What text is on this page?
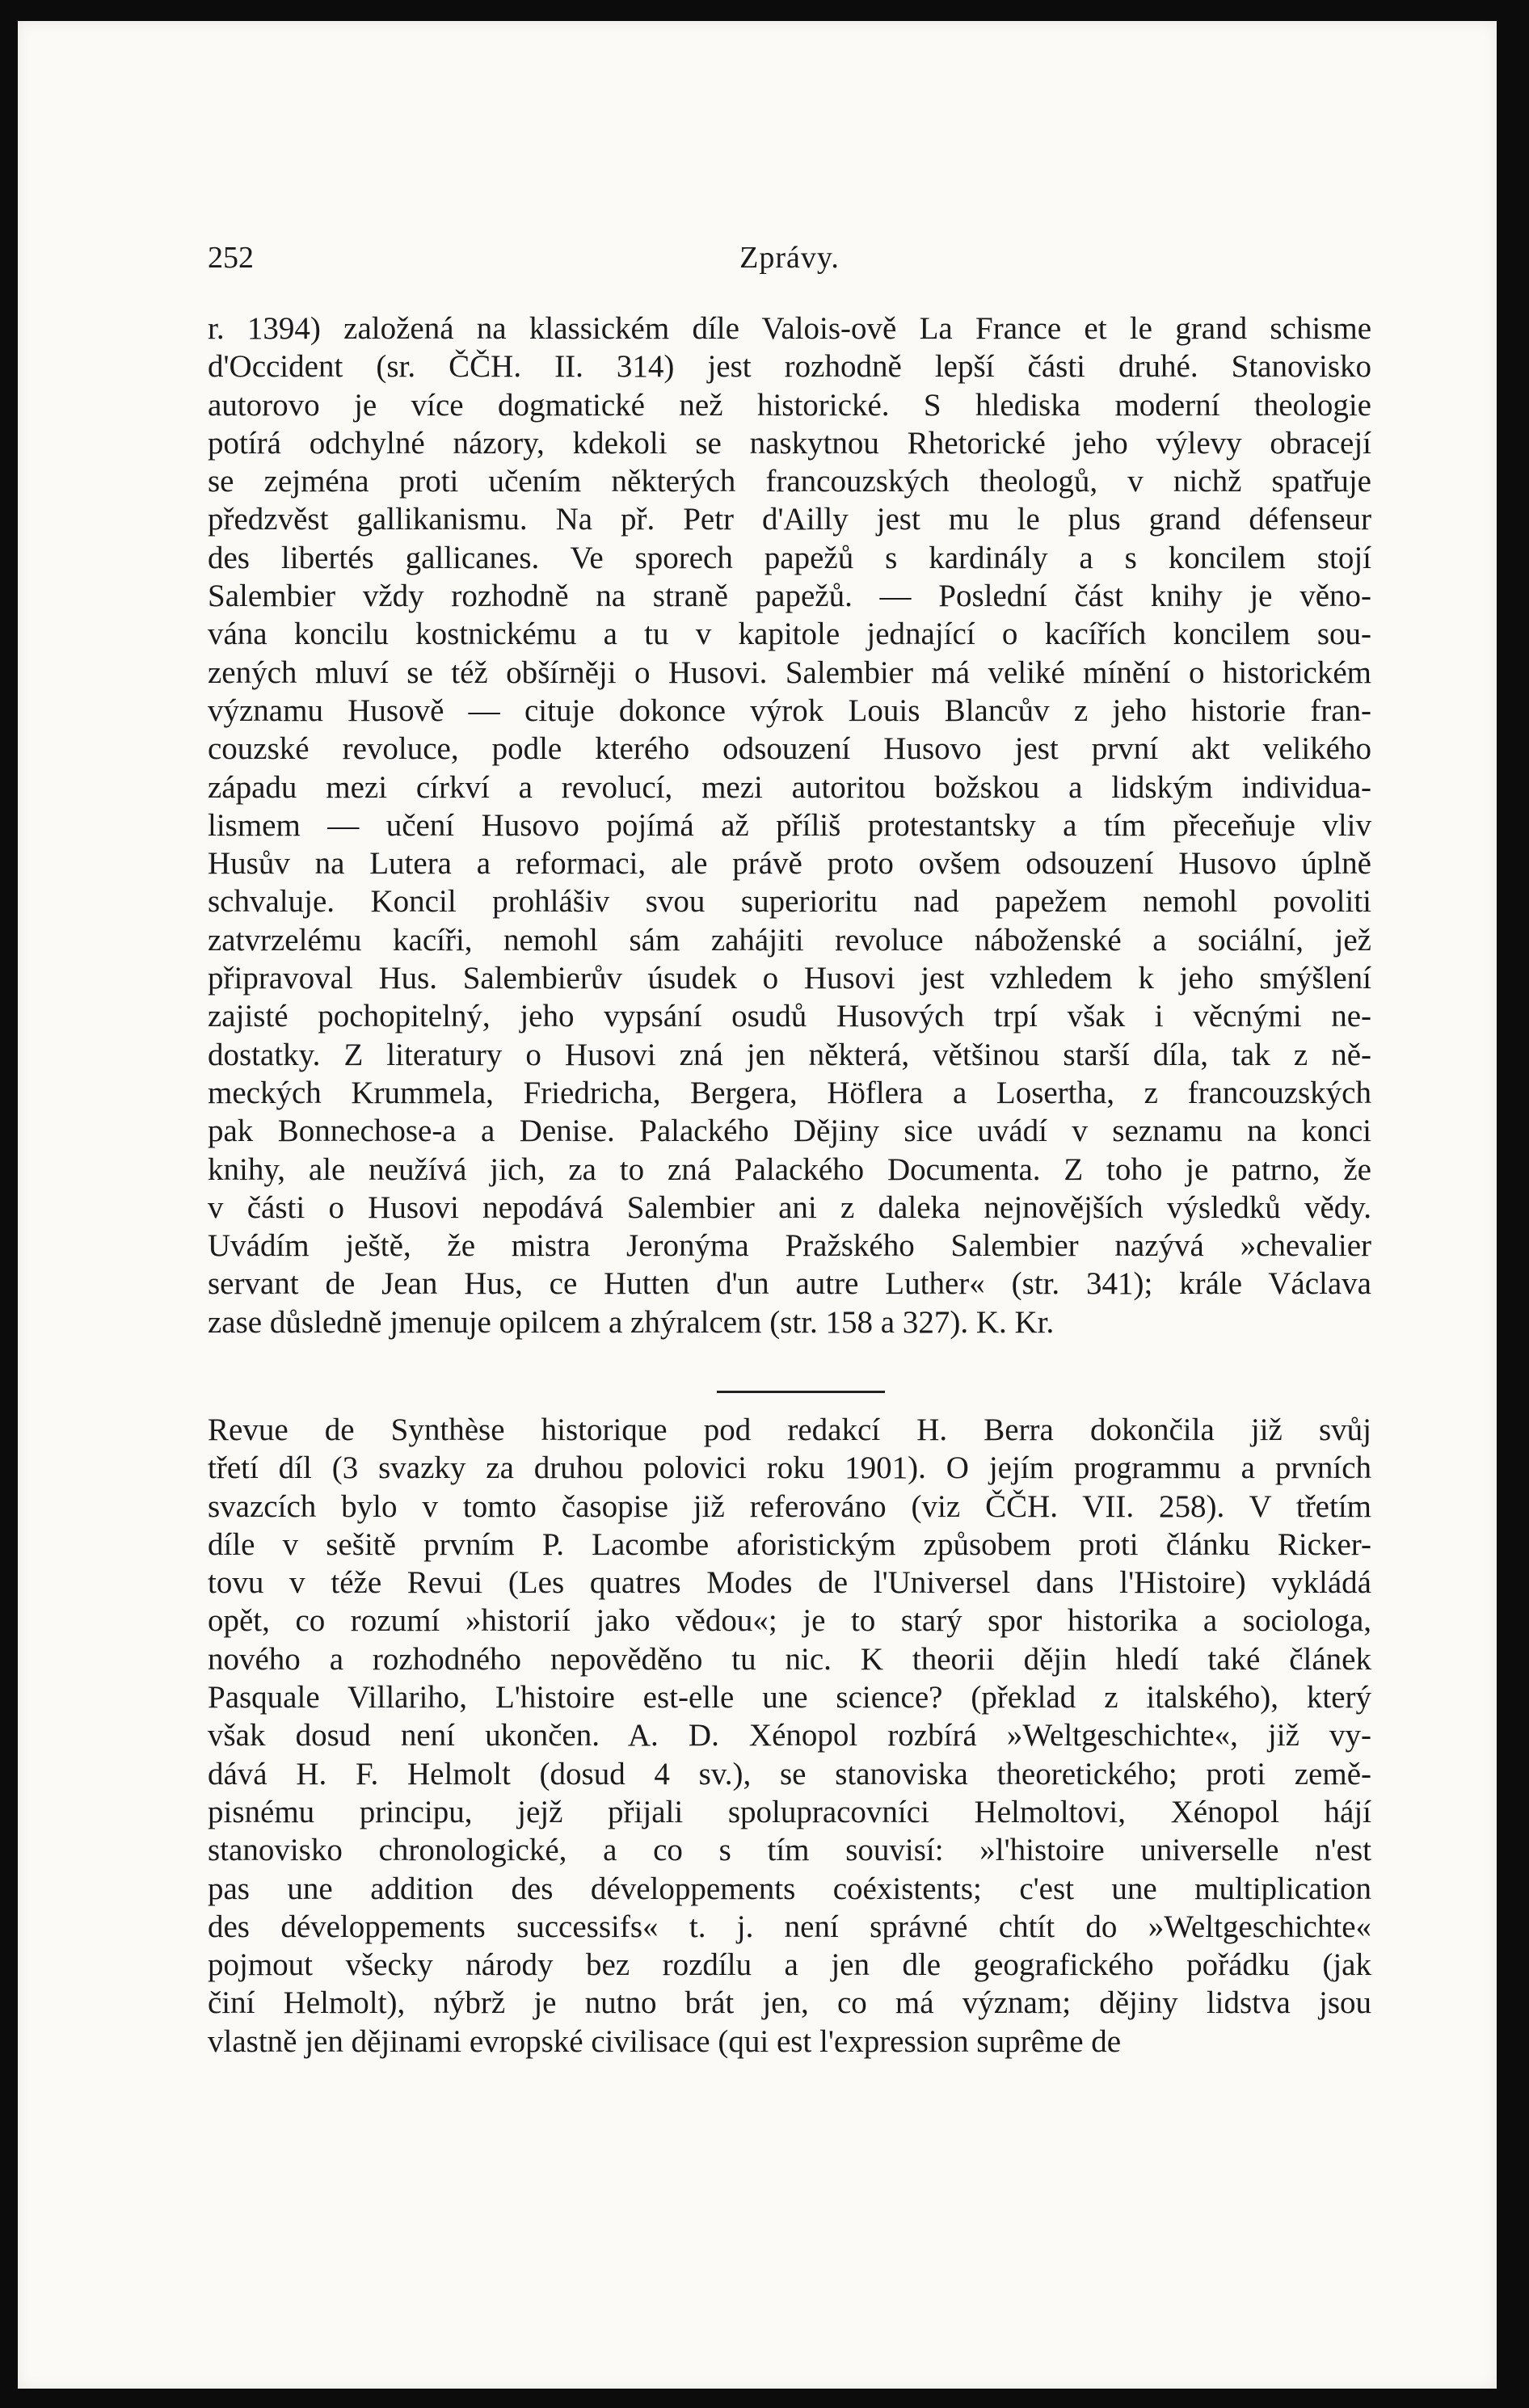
252	Zprávy.
r. 1394) založená na klassickém díle Valois-ově La France et le grand schisme
d'Occident (sr. ČČH. II. 314) jest rozhodně lepší části druhé. Stanovisko
autorovo je více dogmatické než historické. S hlediska moderní theologie
potírá odchylné názory, kdekoli se naskytnou Rhetorické jeho výlevy obracejí
se zejména proti učením některých francouzských theologů, v nichž spatřuje
předzvěst gallikanismu. Na př. Petr d'Ailly jest mu le plus grand défenseur
des libertés gallicanes. Ve sporech papežů s kardinály a s koncilem stojí
Salembier vždy rozhodně na straně papežů. — Poslední část knihy je věno-
vána koncilu kostnickému a tu v kapitole jednající o kacířích koncilem sou-
zených mluví se též obšírněji o Husovi. Salembier má veliké mínění o historickém
významu Husově — cituje dokonce výrok Louis Blancův z jeho historie fran-
couzské revoluce, podle kterého odsouzení Husovo jest první akt velikého
západu mezi církví a revolucí, mezi autoritou božskou a lidským individua-
lismem — učení Husovo pojímá až příliš protestantsky a tím přeceňuje vliv
Husův na Lutera a reformaci, ale právě proto ovšem odsouzení Husovo úplně
schvaluje. Koncil prohlášiv svou superioritu nad papežem nemohl povoliti
zatvrzelému kacíři, nemohl sám zahájiti revoluce náboženské a sociální, jež
připravoval Hus. Salembierův úsudek o Husovi jest vzhledem k jeho smýšlení
zajisté pochopitelný, jeho vypsání osudů Husových trpí však i věcnými ne-
dostatky. Z literatury o Husovi zná jen některá, většinou starší díla, tak z ně-
meckých Krummela, Friedricha, Bergera, Höflera a Losertha, z francouzských
pak Bonnechose-a a Denise. Palackého Dějiny sice uvádí v seznamu na konci
knihy, ale neužívá jich, za to zná Palackého Documenta. Z toho je patrno, že
v části o Husovi nepodává Salembier ani z daleka nejnovějších výsledků vědy.
Uvádím ještě, že mistra Jeronýma Pražského Salembier nazývá »chevalier
servant de Jean Hus, ce Hutten d'un autre Luther« (str. 341); krále Václava
zase důsledně jmenuje opilcem a zhýralcem (str. 158 a 327). K. Kr.
Revue de Synthèse historique pod redakcí H. Berra dokončila již svůj
třetí díl (3 svazky za druhou polovici roku 1901). O jejím programmu a prvních
svazcích bylo v tomto časopise již referováno (viz ČČH. VII. 258). V třetím
díle v sešitě prvním P. Lacombe aforistickým způsobem proti článku Ricker-
tovu v téže Revui (Les quatres Modes de l'Universel dans l'Histoire) vykládá
opět, co rozumí »historií jako vědou«; je to starý spor historika a sociologa,
nového a rozhodného nepověděno tu nic. K theorii dějin hledí také článek
Pasquale Villariho, L'histoire est-elle une science? (překlad z italského), který
však dosud není ukončen. A. D. Xénopol rozbírá »Weltgeschichte«, již vy-
dává H. F. Helmolt (dosud 4 sv.), se stanoviska theoretického; proti země-
pisnému principu, jejž přijali spolupracovníci Helmoltovi, Xénopol hájí
stanovisko chronologické, a co s tím souvisí: »l'histoire universelle n'est
pas une addition des développements coéxistents; c'est une multiplication
des développements successifs« t. j. není správné chtít do »Weltgeschichte«
pojmout všecky národy bez rozdílu a jen dle geografického pořádku (jak
činí Helmolt), nýbrž je nutno brát jen, co má význam; dějiny lidstva jsou
vlastně jen dějinami evropské civilisace (qui est l'expression suprême de
